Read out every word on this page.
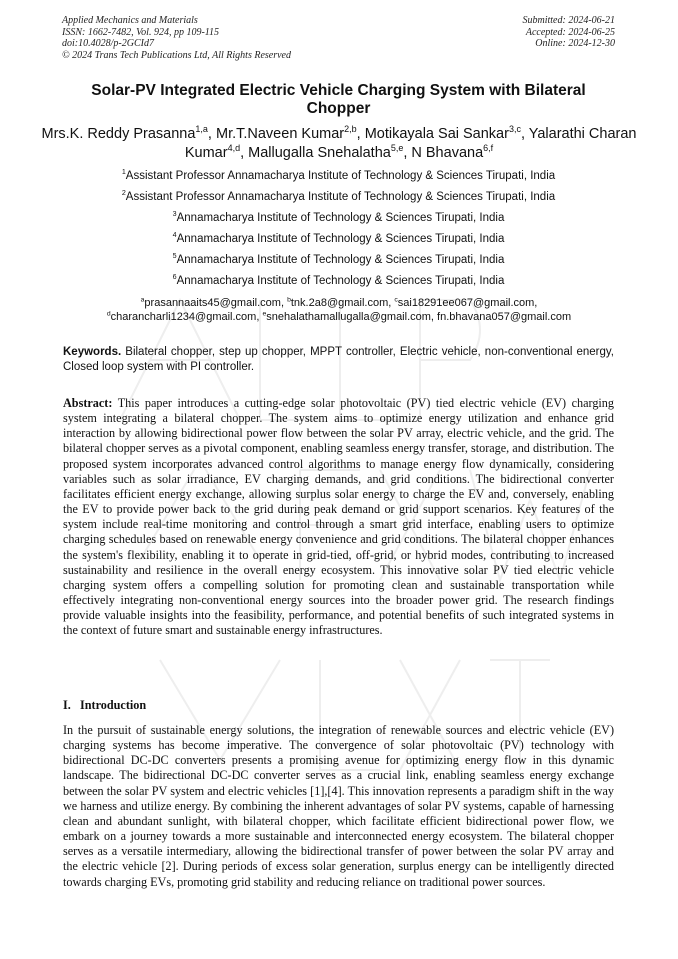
Applied Mechanics and Materials
ISSN: 1662-7482, Vol. 924, pp 109-115
doi:10.4028/p-2GCId7
© 2024 Trans Tech Publications Ltd, All Rights Reserved
Submitted: 2024-06-21
Accepted: 2024-06-25
Online: 2024-12-30
Solar-PV Integrated Electric Vehicle Charging System with Bilateral Chopper
Mrs.K. Reddy Prasanna$^{1,a}$, Mr.T.Naveen Kumar$^{2,b}$, Motikayala Sai Sankar$^{3,c}$, Yalarathi Charan Kumar$^{4,d}$, Mallugalla Snehalatha$^{5,e}$, N Bhavana$^{6,f}$
$^1$Assistant Professor Annamacharya Institute of Technology & Sciences Tirupati, India
$^2$Assistant Professor Annamacharya Institute of Technology & Sciences Tirupati, India
$^3$Annamacharya Institute of Technology & Sciences Tirupati, India
$^4$Annamacharya Institute of Technology & Sciences Tirupati, India
$^5$Annamacharya Institute of Technology & Sciences Tirupati, India
$^6$Annamacharya Institute of Technology & Sciences Tirupati, India
$^a$prasannaaits45@gmail.com, $^b$tnk.2a8@gmail.com, $^c$sai18291ee067@gmail.com,
$^d$charancharli1234@gmail.com, $^e$snehalathamallugalla@gmail.com, fn.bhavana057@gmail.com
Keywords. Bilateral chopper, step up chopper, MPPT controller, Electric vehicle, non-conventional energy, Closed loop system with PI controller.
Abstract: This paper introduces a cutting-edge solar photovoltaic (PV) tied electric vehicle (EV) charging system integrating a bilateral chopper. The system aims to optimize energy utilization and enhance grid interaction by allowing bidirectional power flow between the solar PV array, electric vehicle, and the grid. The bilateral chopper serves as a pivotal component, enabling seamless energy transfer, storage, and distribution. The proposed system incorporates advanced control algorithms to manage energy flow dynamically, considering variables such as solar irradiance, EV charging demands, and grid conditions. The bidirectional converter facilitates efficient energy exchange, allowing surplus solar energy to charge the EV and, conversely, enabling the EV to provide power back to the grid during peak demand or grid support scenarios. Key features of the system include real-time monitoring and control through a smart grid interface, enabling users to optimize charging schedules based on renewable energy convenience and grid conditions. The bilateral chopper enhances the system's flexibility, enabling it to operate in grid-tied, off-grid, or hybrid modes, contributing to increased sustainability and resilience in the overall energy ecosystem. This innovative solar PV tied electric vehicle charging system offers a compelling solution for promoting clean and sustainable transportation while effectively integrating non-conventional energy sources into the broader power grid. The research findings provide valuable insights into the feasibility, performance, and potential benefits of such integrated systems in the context of future smart and sustainable energy infrastructures.
I. Introduction
In the pursuit of sustainable energy solutions, the integration of renewable sources and electric vehicle (EV) charging systems has become imperative. The convergence of solar photovoltaic (PV) technology with bidirectional DC-DC converters presents a promising avenue for optimizing energy flow in this dynamic landscape. The bidirectional DC-DC converter serves as a crucial link, enabling seamless energy exchange between the solar PV system and electric vehicles [1],[4]. This innovation represents a paradigm shift in the way we harness and utilize energy. By combining the inherent advantages of solar PV systems, capable of harnessing clean and abundant sunlight, with bilateral chopper, which facilitate efficient bidirectional power flow, we embark on a journey towards a more sustainable and interconnected energy ecosystem. The bilateral chopper serves as a versatile intermediary, allowing the bidirectional transfer of power between the solar PV array and the electric vehicle [2]. During periods of excess solar generation, surplus energy can be intelligently directed towards charging EVs, promoting grid stability and reducing reliance on traditional power sources.
